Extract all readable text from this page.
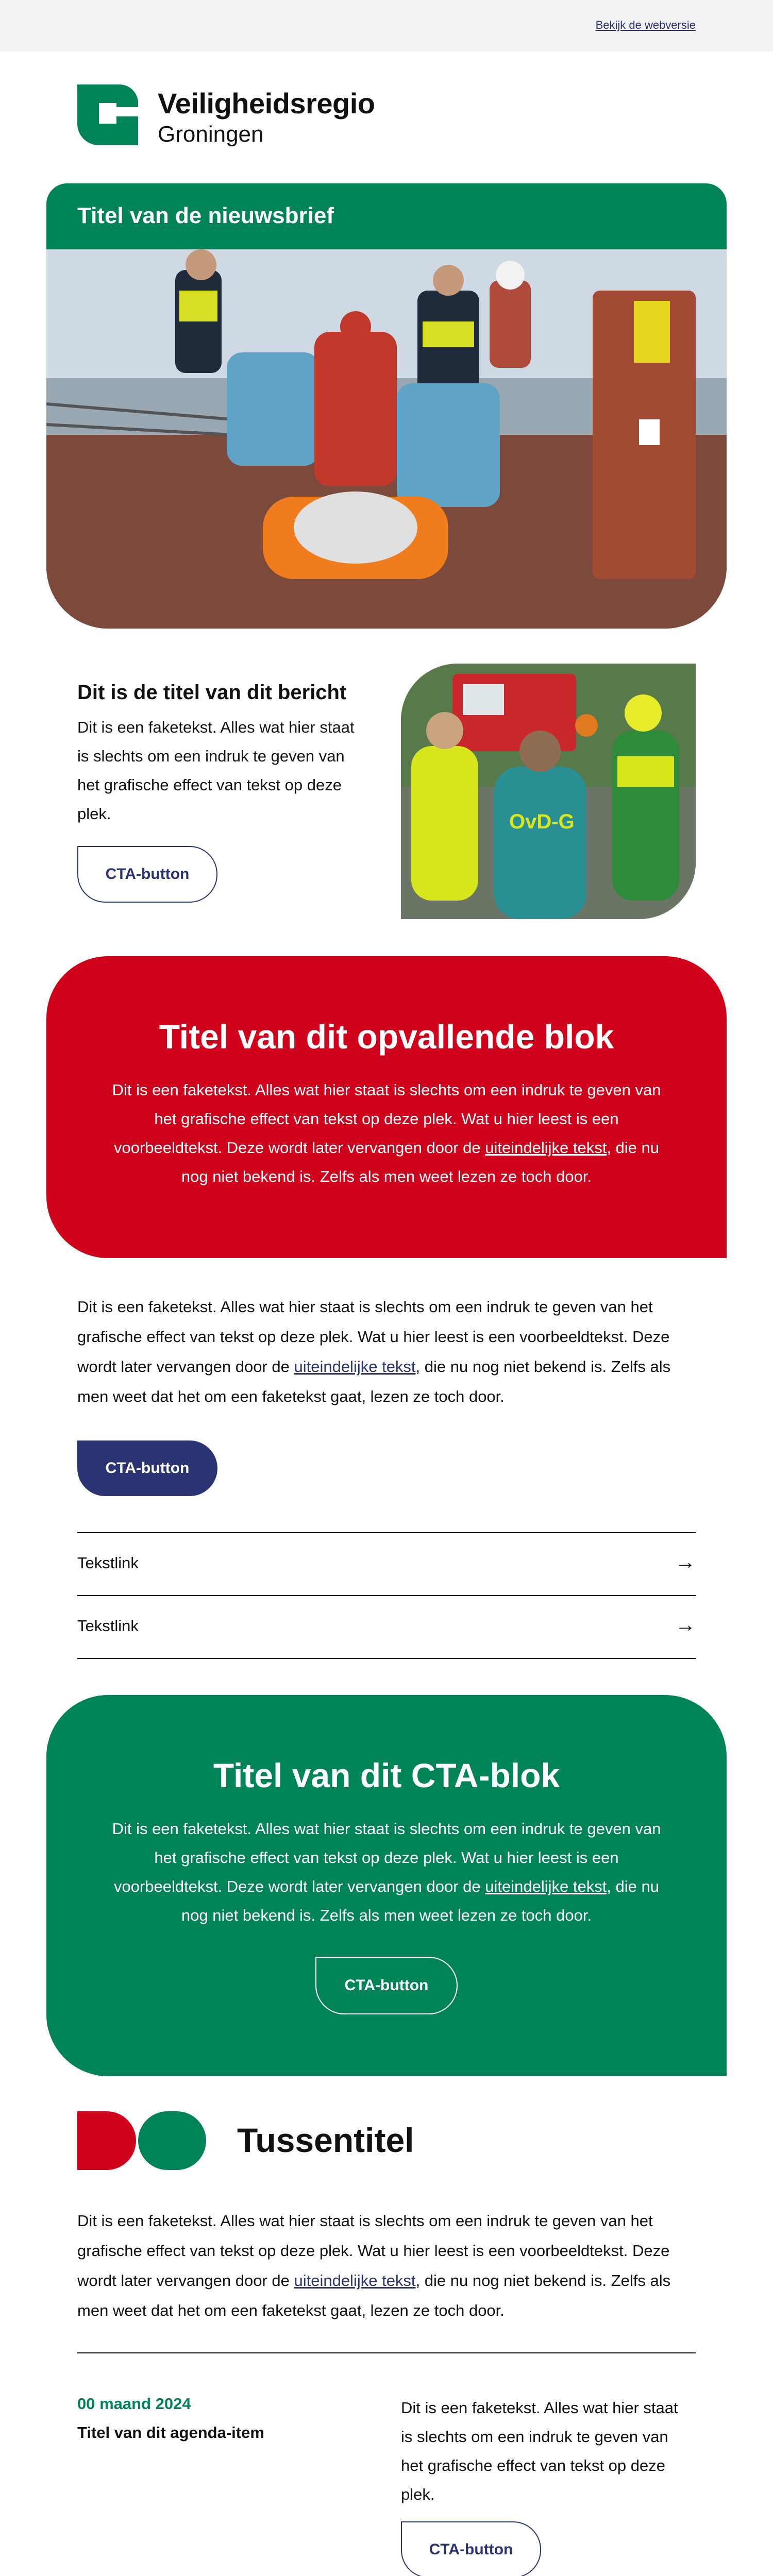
Bekijk de webversie
Veiligheidsregio
Groningen
Titel van de nieuwsbrief
Dit is de titel van dit bericht
Dit is een faketekst. Alles wat hier staat is slechts om een indruk te geven van het grafische effect van tekst op deze plek.
CTA-button
OvD-G
Titel van dit opvallende blok
Dit is een faketekst. Alles wat hier staat is slechts om een indruk te geven van het grafische effect van tekst op deze plek. Wat u hier leest is een voorbeeldtekst. Deze wordt later vervangen door de uiteindelijke tekst, die nu nog niet bekend is. Zelfs als men weet lezen ze toch door.
Dit is een faketekst. Alles wat hier staat is slechts om een indruk te geven van het grafische effect van tekst op deze plek. Wat u hier leest is een voorbeeldtekst. Deze wordt later vervangen door de uiteindelijke tekst, die nu nog niet bekend is. Zelfs als men weet dat het om een faketekst gaat, lezen ze toch door.
CTA-button
Tekstlink	→
Tekstlink	→
Titel van dit CTA-blok
Dit is een faketekst. Alles wat hier staat is slechts om een indruk te geven van het grafische effect van tekst op deze plek. Wat u hier leest is een voorbeeldtekst. Deze wordt later vervangen door de uiteindelijke tekst, die nu nog niet bekend is. Zelfs als men weet lezen ze toch door.
CTA-button
Tussentitel
Dit is een faketekst. Alles wat hier staat is slechts om een indruk te geven van het grafische effect van tekst op deze plek. Wat u hier leest is een voorbeeldtekst. Deze wordt later vervangen door de uiteindelijke tekst, die nu nog niet bekend is. Zelfs als men weet dat het om een faketekst gaat, lezen ze toch door.
00 maand 2024
Titel van dit agenda-item
Dit is een faketekst. Alles wat hier staat is slechts om een indruk te geven van het grafische effect van tekst op deze plek.
CTA-button
